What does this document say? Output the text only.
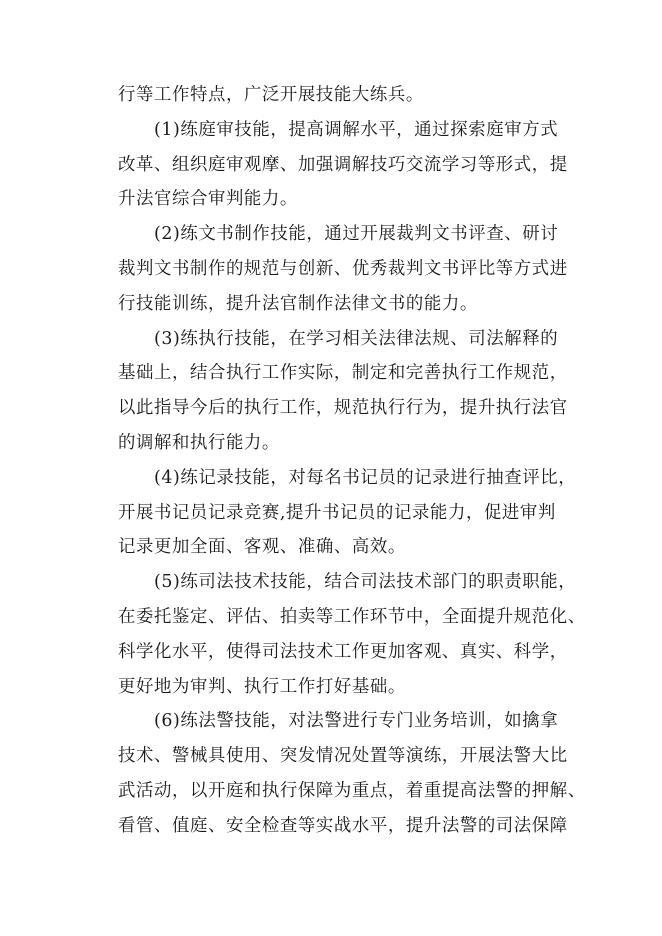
行等工作特点，广泛开展技能大练兵。
　　(1)练庭审技能，提高调解水平，通过探索庭审方式
改革、组织庭审观摩、加强调解技巧交流学习等形式，提
升法官综合审判能力。
　　(2)练文书制作技能，通过开展裁判文书评查、研讨
裁判文书制作的规范与创新、优秀裁判文书评比等方式进
行技能训练，提升法官制作法律文书的能力。
　　(3)练执行技能，在学习相关法律法规、司法解释的
基础上，结合执行工作实际，制定和完善执行工作规范，
以此指导今后的执行工作，规范执行行为，提升执行法官
的调解和执行能力。
　　(4)练记录技能，对每名书记员的记录进行抽查评比，
开展书记员记录竞赛,提升书记员的记录能力，促进审判
记录更加全面、客观、准确、高效。
　　(5)练司法技术技能，结合司法技术部门的职责职能，
在委托鉴定、评估、拍卖等工作环节中，全面提升规范化、
科学化水平，使得司法技术工作更加客观、真实、科学，
更好地为审判、执行工作打好基础。
　　(6)练法警技能，对法警进行专门业务培训，如擒拿
技术、警械具使用、突发情况处置等演练，开展法警大比
武活动，以开庭和执行保障为重点，着重提高法警的押解、
看管、值庭、安全检查等实战水平，提升法警的司法保障
